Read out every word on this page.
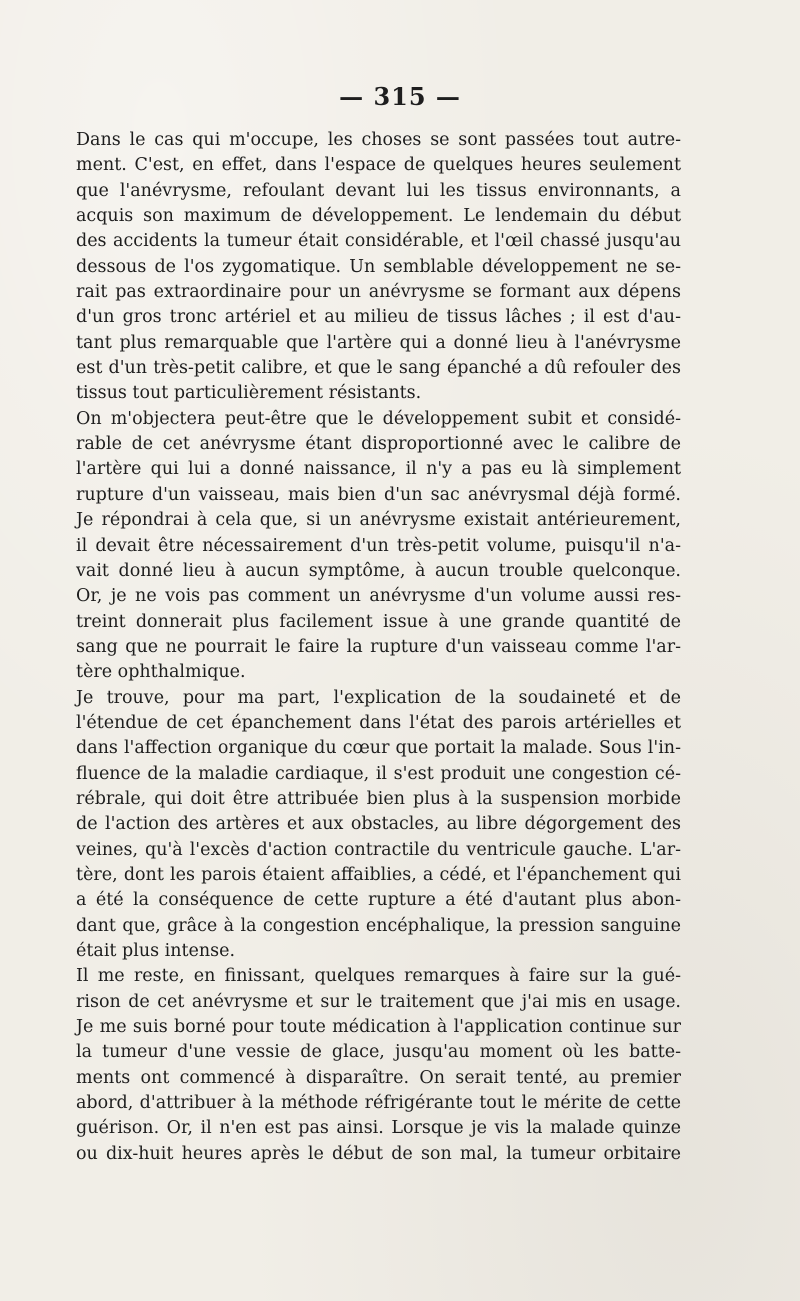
— 315 —
Dans le cas qui m'occupe, les choses se sont passées tout autre-
ment. C'est, en effet, dans l'espace de quelques heures seulement
que l'anévrysme, refoulant devant lui les tissus environnants, a
acquis son maximum de développement. Le lendemain du début
des accidents la tumeur était considérable, et l'œil chassé jusqu'au
dessous de l'os zygomatique. Un semblable développement ne se-
rait pas extraordinaire pour un anévrysme se formant aux dépens
d'un gros tronc artériel et au milieu de tissus lâches ; il est d'au-
tant plus remarquable que l'artère qui a donné lieu à l'anévrysme
est d'un très-petit calibre, et que le sang épanché a dû refouler des
tissus tout particulièrement résistants.
On m'objectera peut-être que le développement subit et considé-
rable de cet anévrysme étant disproportionné avec le calibre de
l'artère qui lui a donné naissance, il n'y a pas eu là simplement
rupture d'un vaisseau, mais bien d'un sac anévrysmal déjà formé.
Je répondrai à cela que, si un anévrysme existait antérieurement,
il devait être nécessairement d'un très-petit volume, puisqu'il n'a-
vait donné lieu à aucun symptôme, à aucun trouble quelconque.
Or, je ne vois pas comment un anévrysme d'un volume aussi res-
treint donnerait plus facilement issue à une grande quantité de
sang que ne pourrait le faire la rupture d'un vaisseau comme l'ar-
tère ophthalmique.
Je trouve, pour ma part, l'explication de la soudaineté et de
l'étendue de cet épanchement dans l'état des parois artérielles et
dans l'affection organique du cœur que portait la malade. Sous l'in-
fluence de la maladie cardiaque, il s'est produit une congestion cé-
rébrale, qui doit être attribuée bien plus à la suspension morbide
de l'action des artères et aux obstacles, au libre dégorgement des
veines, qu'à l'excès d'action contractile du ventricule gauche. L'ar-
tère, dont les parois étaient affaiblies, a cédé, et l'épanchement qui
a été la conséquence de cette rupture a été d'autant plus abon-
dant que, grâce à la congestion encéphalique, la pression sanguine
était plus intense.
Il me reste, en finissant, quelques remarques à faire sur la gué-
rison de cet anévrysme et sur le traitement que j'ai mis en usage.
Je me suis borné pour toute médication à l'application continue sur
la tumeur d'une vessie de glace, jusqu'au moment où les batte-
ments ont commencé à disparaître. On serait tenté, au premier
abord, d'attribuer à la méthode réfrigérante tout le mérite de cette
guérison. Or, il n'en est pas ainsi. Lorsque je vis la malade quinze
ou dix-huit heures après le début de son mal, la tumeur orbitaire
